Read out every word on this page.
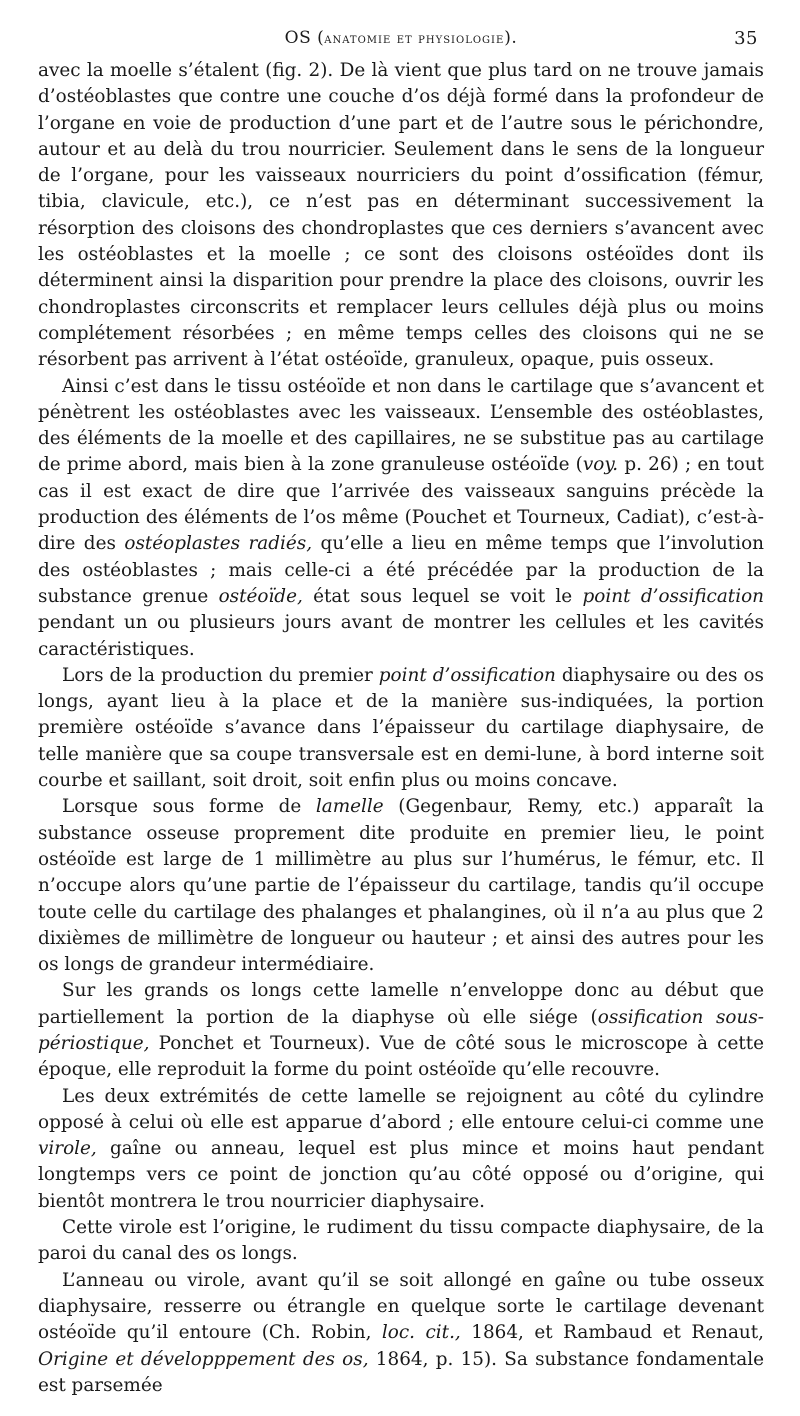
OS (anatomie et physiologie).	35

avec la moelle s’étalent (fig. 2). De là vient que plus tard on ne trouve jamais d’ostéoblastes que contre une couche d’os déjà formé dans la profondeur de l’organe en voie de production d’une part et de l’autre sous le périchondre, autour et au delà du trou nourricier. Seulement dans le sens de la longueur de l’organe, pour les vaisseaux nourriciers du point d’ossification (fémur, tibia, clavicule, etc.), ce n’est pas en déterminant successivement la résorption des cloisons des chondroplastes que ces derniers s’avancent avec les ostéoblastes et la moelle ; ce sont des cloisons ostéoïdes dont ils déterminent ainsi la disparition pour prendre la place des cloisons, ouvrir les chondroplastes circonscrits et remplacer leurs cellules déjà plus ou moins complétement résorbées ; en même temps celles des cloisons qui ne se résorbent pas arrivent à l’état ostéoïde, granuleux, opaque, puis osseux.

Ainsi c’est dans le tissu ostéoïde et non dans le cartilage que s’avancent et pénètrent les ostéoblastes avec les vaisseaux. L’ensemble des ostéoblastes, des éléments de la moelle et des capillaires, ne se substitue pas au cartilage de prime abord, mais bien à la zone granuleuse ostéoïde (voy. p. 26) ; en tout cas il est exact de dire que l’arrivée des vaisseaux sanguins précède la production des éléments de l’os même (Pouchet et Tourneux, Cadiat), c’est-à-dire des ostéoplastes radiés, qu’elle a lieu en même temps que l’involution des ostéoblastes ; mais celle-ci a été précédée par la production de la substance grenue ostéoïde, état sous lequel se voit le point d’ossification pendant un ou plusieurs jours avant de montrer les cellules et les cavités caractéristiques.

Lors de la production du premier point d’ossification diaphysaire ou des os longs, ayant lieu à la place et de la manière sus-indiquées, la portion première ostéoïde s’avance dans l’épaisseur du cartilage diaphysaire, de telle manière que sa coupe transversale est en demi-lune, à bord interne soit courbe et saillant, soit droit, soit enfin plus ou moins concave.

Lorsque sous forme de lamelle (Gegenbaur, Remy, etc.) apparaît la substance osseuse proprement dite produite en premier lieu, le point ostéoïde est large de 1 millimètre au plus sur l’humérus, le fémur, etc. Il n’occupe alors qu’une partie de l’épaisseur du cartilage, tandis qu’il occupe toute celle du cartilage des phalanges et phalangines, où il n’a au plus que 2 dixièmes de millimètre de longueur ou hauteur ; et ainsi des autres pour les os longs de grandeur intermédiaire.

Sur les grands os longs cette lamelle n’enveloppe donc au début que partiellement la portion de la diaphyse où elle siége (ossification sous-périostique, Ponchet et Tourneux). Vue de côté sous le microscope à cette époque, elle reproduit la forme du point ostéoïde qu’elle recouvre.

Les deux extrémités de cette lamelle se rejoignent au côté du cylindre opposé à celui où elle est apparue d’abord ; elle entoure celui-ci comme une virole, gaîne ou anneau, lequel est plus mince et moins haut pendant longtemps vers ce point de jonction qu’au côté opposé ou d’origine, qui bientôt montrera le trou nourricier diaphysaire.

Cette virole est l’origine, le rudiment du tissu compacte diaphysaire, de la paroi du canal des os longs.

L’anneau ou virole, avant qu’il se soit allongé en gaîne ou tube osseux diaphysaire, resserre ou étrangle en quelque sorte le cartilage devenant ostéoïde qu’il entoure (Ch. Robin, loc. cit., 1864, et Rambaud et Renaut, Origine et développpement des os, 1864, p. 15). Sa substance fondamentale est parsemée
